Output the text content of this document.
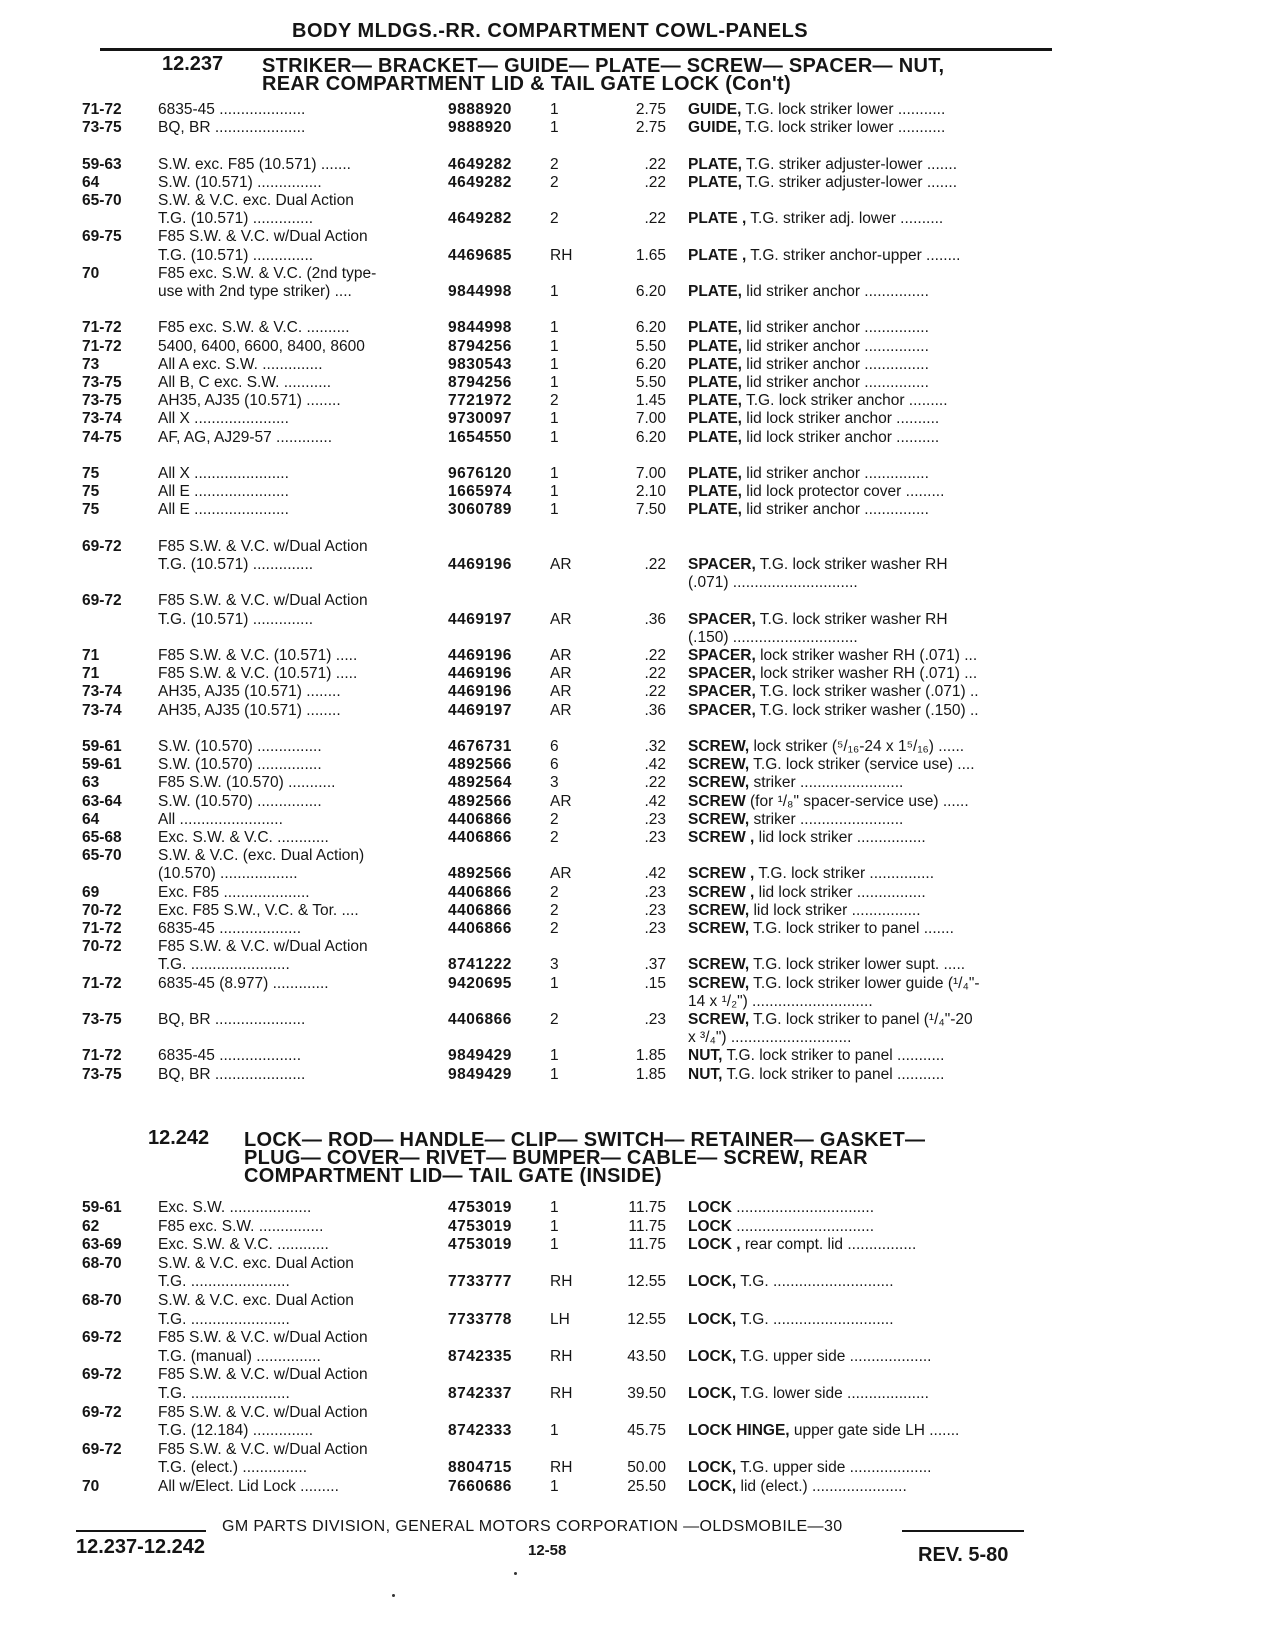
BODY MLDGS.-RR. COMPARTMENT COWL-PANELS
12.237 STRIKER— BRACKET— GUIDE— PLATE— SCREW— SPACER— NUT,
REAR COMPARTMENT LID & TAIL GATE LOCK (Con't)
71-72 6835-45 ....................	9888920 1	2.75 GUIDE, T.G. lock striker lower ...........
73-75 BQ, BR .....................	9888920 1	2.75 GUIDE, T.G. lock striker lower ...........
59-63 S.W. exc. F85 (10.571) .......	4649282 2	.22 PLATE, T.G. striker adjuster-lower .......
64	S.W. (10.571) ...............	4649282 2	.22 PLATE, T.G. striker adjuster-lower .......
65-70 S.W. & V.C. exc. Dual Action
T.G. (10.571) ..............	4649282 2	.22 PLATE , T.G. striker adj. lower ..........
69-75 F85 S.W. & V.C. w/Dual Action
T.G. (10.571) ..............	4469685 RH	1.65 PLATE , T.G. striker anchor-upper ........
70	F85 exc. S.W. & V.C. (2nd type-
use with 2nd type striker) ....	9844998 1	6.20 PLATE, lid striker anchor ...............
71-72 F85 exc. S.W. & V.C. ..........	9844998 1	6.20 PLATE, lid striker anchor ...............
71-72 5400, 6400, 6600, 8400, 8600	8794256 1	5.50 PLATE, lid striker anchor ...............
73	All A exc. S.W. ..............	9830543 1	6.20 PLATE, lid striker anchor ...............
73-75 All B, C exc. S.W. ...........	8794256 1	5.50 PLATE, lid striker anchor ...............
73-75 AH35, AJ35 (10.571) ........	7721972 2	1.45 PLATE, T.G. lock striker anchor .........
73-74 All X ......................	9730097 1	7.00 PLATE, lid lock striker anchor ..........
74-75 AF, AG, AJ29-57 .............	1654550 1	6.20 PLATE, lid lock striker anchor ..........
75	All X ......................	9676120 1	7.00 PLATE, lid striker anchor ...............
75	All E ......................	1665974 1	2.10 PLATE, lid lock protector cover .........
75	All E ......................	3060789 1	7.50 PLATE, lid striker anchor ...............
69-72 F85 S.W. & V.C. w/Dual Action
T.G. (10.571) ..............	4469196 AR	.22 SPACER, T.G. lock striker washer RH
(.071) .............................
69-72 F85 S.W. & V.C. w/Dual Action
T.G. (10.571) ..............	4469197 AR	.36 SPACER, T.G. lock striker washer RH
(.150) .............................
71	F85 S.W. & V.C. (10.571) .....	4469196 AR	.22 SPACER, lock striker washer RH (.071) ...
71	F85 S.W. & V.C. (10.571) .....	4469196 AR	.22 SPACER, lock striker washer RH (.071) ...
73-74 AH35, AJ35 (10.571) ........	4469196 AR	.22 SPACER, T.G. lock striker washer (.071) ..
73-74 AH35, AJ35 (10.571) ........	4469197 AR	.36 SPACER, T.G. lock striker washer (.150) ..
59-61 S.W. (10.570) ...............	4676731 6	.32 SCREW, lock striker (⁵/₁₆-24 x 1⁵/₁₆) ......
59-61 S.W. (10.570) ...............	4892566 6	.42 SCREW, T.G. lock striker (service use) ....
63	F85 S.W. (10.570) ...........	4892564 3	.22 SCREW, striker ........................
63-64 S.W. (10.570) ...............	4892566 AR	.42 SCREW (for ¹/₈" spacer-service use) ......
64	All ........................	4406866 2	.23 SCREW, striker ........................
65-68 Exc. S.W. & V.C. ............	4406866 2	.23 SCREW , lid lock striker ................
65-70 S.W. & V.C. (exc. Dual Action)
(10.570) ..................	4892566 AR	.42 SCREW , T.G. lock striker ...............
69	Exc. F85 ....................	4406866 2	.23 SCREW , lid lock striker ................
70-72 Exc. F85 S.W., V.C. & Tor. ....	4406866 2	.23 SCREW, lid lock striker ................
71-72 6835-45 ...................	4406866 2	.23 SCREW, T.G. lock striker to panel .......
70-72 F85 S.W. & V.C. w/Dual Action
T.G. .......................	8741222 3	.37 SCREW, T.G. lock striker lower supt. .....
71-72 6835-45 (8.977) .............	9420695 1	.15 SCREW, T.G. lock striker lower guide (¹/₄"-
14 x ¹/₂") ............................
73-75 BQ, BR .....................	4406866 2	.23 SCREW, T.G. lock striker to panel (¹/₄"-20
x ³/₄") ............................
71-72 6835-45 ...................	9849429 1	1.85 NUT, T.G. lock striker to panel ...........
73-75 BQ, BR .....................	9849429 1	1.85 NUT, T.G. lock striker to panel ...........
12.242 LOCK— ROD— HANDLE— CLIP— SWITCH— RETAINER— GASKET—
PLUG— COVER— RIVET— BUMPER— CABLE— SCREW, REAR
COMPARTMENT LID— TAIL GATE (INSIDE)
59-61 Exc. S.W. ...................	4753019 1	11.75 LOCK ................................
62	F85 exc. S.W. ...............	4753019 1	11.75 LOCK ................................
63-69 Exc. S.W. & V.C. ............	4753019 1	11.75 LOCK , rear compt. lid ................
68-70 S.W. & V.C. exc. Dual Action
T.G. .......................	7733777 RH	12.55 LOCK, T.G. ............................
68-70 S.W. & V.C. exc. Dual Action
T.G. .......................	7733778 LH	12.55 LOCK, T.G. ............................
69-72 F85 S.W. & V.C. w/Dual Action
T.G. (manual) ...............	8742335 RH	43.50 LOCK, T.G. upper side ...................
69-72 F85 S.W. & V.C. w/Dual Action
T.G. .......................	8742337 RH	39.50 LOCK, T.G. lower side ...................
69-72 F85 S.W. & V.C. w/Dual Action
T.G. (12.184) ..............	8742333 1	45.75 LOCK HINGE, upper gate side LH .......
69-72 F85 S.W. & V.C. w/Dual Action
T.G. (elect.) ...............	8804715 RH	50.00 LOCK, T.G. upper side ...................
70	All w/Elect. Lid Lock .........	7660686 1	25.50 LOCK, lid (elect.) ......................
GM PARTS DIVISION, GENERAL MOTORS CORPORATION —OLDSMOBILE—30
12.237-12.242	12-58	REV. 5-80
